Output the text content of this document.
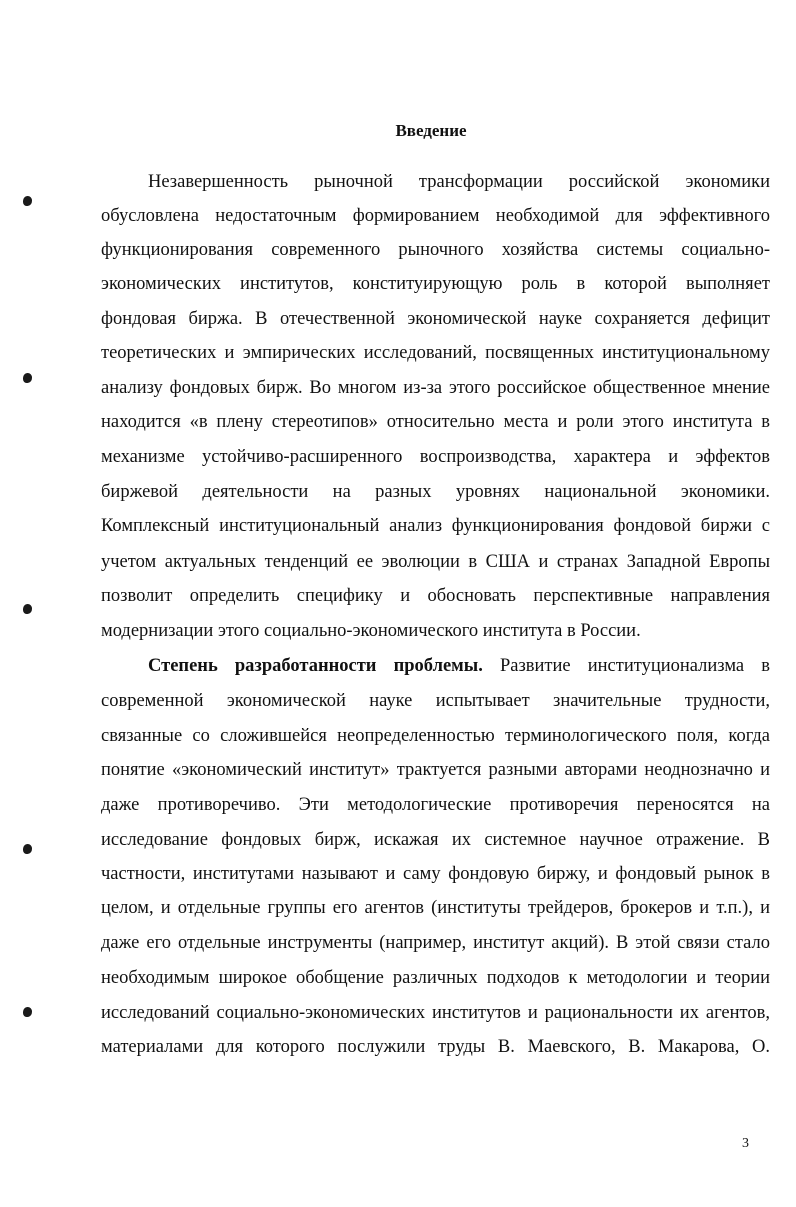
Введение
Незавершенность рыночной трансформации российской экономики
обусловлена недостаточным формированием необходимой для эффективного
функционирования современного рыночного хозяйства системы социально-
экономических институтов, конституирующую роль в которой выполняет
фондовая биржа. В отечественной экономической науке сохраняется дефицит
теоретических и эмпирических исследований, посвященных институциональному
анализу фондовых бирж. Во многом из-за этого российское общественное мнение
находится «в плену стереотипов» относительно места и роли этого института в
механизме устойчиво-расширенного воспроизводства, характера и эффектов
биржевой деятельности на разных уровнях национальной экономики.
Комплексный институциональный анализ функционирования фондовой биржи с
учетом актуальных тенденций ее эволюции в США и странах Западной Европы
позволит определить специфику и обосновать перспективные направления
модернизации этого социально-экономического института в России.
Степень разработанности проблемы. Развитие институционализма в
современной экономической науке испытывает значительные трудности,
связанные со сложившейся неопределенностью терминологического поля, когда
понятие «экономический институт» трактуется разными авторами неоднозначно и
даже противоречиво. Эти методологические противоречия переносятся на
исследование фондовых бирж, искажая их системное научное отражение. В
частности, институтами называют и саму фондовую биржу, и фондовый рынок в
целом, и отдельные группы его агентов (институты трейдеров, брокеров и т.п.), и
даже его отдельные инструменты (например, институт акций). В этой связи стало
необходимым широкое обобщение различных подходов к методологии и теории
исследований социально-экономических институтов и рациональности их агентов,
материалами для которого послужили труды В. Маевского, В. Макарова, О.
3
